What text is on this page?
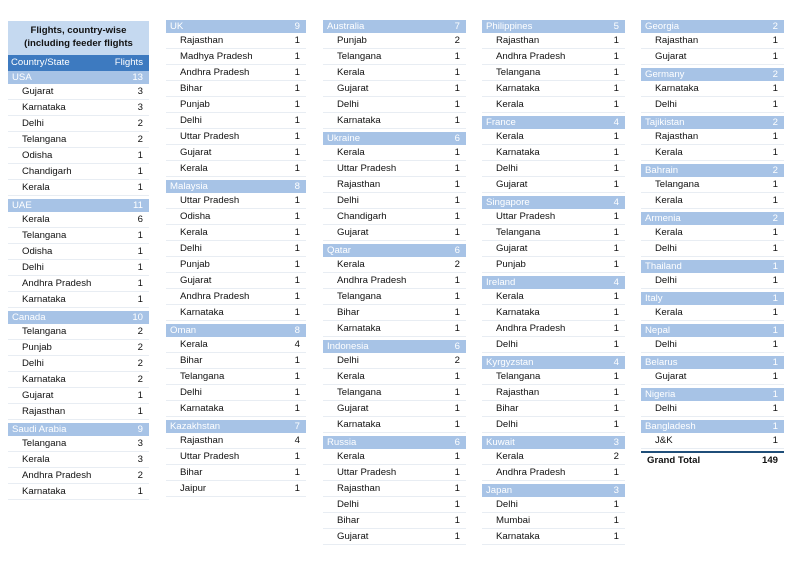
Flights, country-wise (including feeder flights
Country/State	Flights
USA	13
Gujarat	3
Karnataka	3
Delhi	2
Telangana	2
Odisha	1
Chandigarh	1
Kerala	1
UAE	11
Kerala	6
Telangana	1
Odisha	1
Delhi	1
Andhra Pradesh	1
Karnataka	1
Canada	10
Telangana	2
Punjab	2
Delhi	2
Karnataka	2
Gujarat	1
Rajasthan	1
Saudi Arabia	9
Telangana	3
Kerala	3
Andhra Pradesh	2
Karnataka	1
UK	9
Rajasthan	1
Madhya Pradesh	1
Andhra Pradesh	1
Bihar	1
Punjab	1
Delhi	1
Uttar Pradesh	1
Gujarat	1
Kerala	1
Malaysia	8
Uttar Pradesh	1
Odisha	1
Kerala	1
Delhi	1
Punjab	1
Gujarat	1
Andhra Pradesh	1
Karnataka	1
Oman	8
Kerala	4
Bihar	1
Telangana	1
Delhi	1
Karnataka	1
Kazakhstan	7
Rajasthan	4
Uttar Pradesh	1
Bihar	1
Jaipur	1
Australia	7
Punjab	2
Telangana	1
Kerala	1
Gujarat	1
Delhi	1
Karnataka	1
Ukraine	6
Kerala	1
Uttar Pradesh	1
Rajasthan	1
Delhi	1
Chandigarh	1
Gujarat	1
Qatar	6
Kerala	2
Andhra Pradesh	1
Telangana	1
Bihar	1
Karnataka	1
Indonesia	6
Delhi	2
Kerala	1
Telangana	1
Gujarat	1
Karnataka	1
Russia	6
Kerala	1
Uttar Pradesh	1
Rajasthan	1
Delhi	1
Bihar	1
Gujarat	1
Philippines	5
Rajasthan	1
Andhra Pradesh	1
Telangana	1
Karnataka	1
Kerala	1
France	4
Kerala	1
Karnataka	1
Delhi	1
Gujarat	1
Singapore	4
Uttar Pradesh	1
Telangana	1
Gujarat	1
Punjab	1
Ireland	4
Kerala	1
Karnataka	1
Andhra Pradesh	1
Delhi	1
Kyrgyzstan	4
Telangana	1
Rajasthan	1
Bihar	1
Delhi	1
Kuwait	3
Kerala	2
Andhra Pradesh	1
Japan	3
Delhi	1
Mumbai	1
Karnataka	1
Georgia	2
Rajasthan	1
Gujarat	1
Germany	2
Karnataka	1
Delhi	1
Tajikistan	2
Rajasthan	1
Kerala	1
Bahrain	2
Telangana	1
Kerala	1
Armenia	2
Kerala	1
Delhi	1
Thailand	1
Delhi	1
Italy	1
Kerala	1
Nepal	1
Delhi	1
Belarus	1
Gujarat	1
Nigeria	1
Delhi	1
Bangladesh	1
J&K	1
Grand Total	149
